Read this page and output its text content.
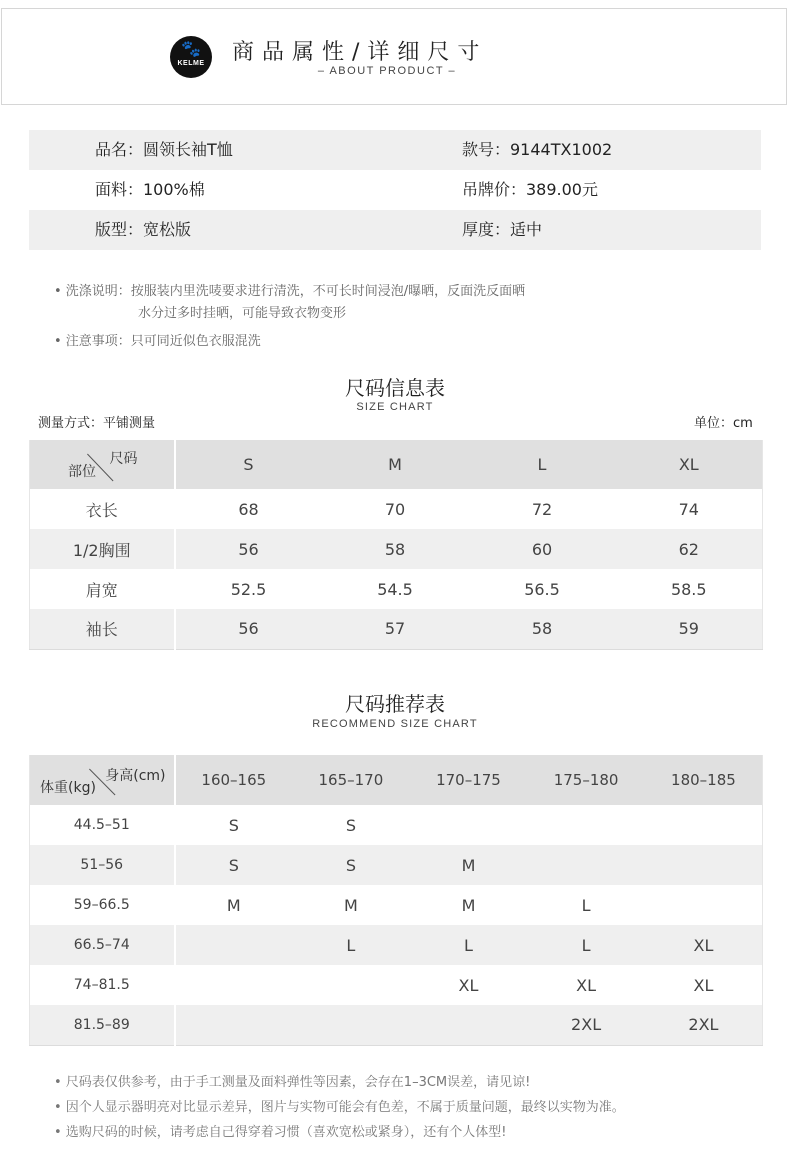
🐾
KELME	商品属性/详细尺寸
– ABOUT PRODUCT –
品名：圆领长袖T恤	款号：9144TX1002
面料：100%棉	吊牌价：389.00元
版型：宽松版	厚度：适中
• 洗涤说明：按服装内里洗唛要求进行清洗，不可长时间浸泡/曝晒，反面洗反面晒
水分过多时挂晒，可能导致衣物变形
• 注意事项：只可同近似色衣服混洗
尺码信息表
SIZE CHART
测量方式：平铺测量	单位：cm
尺码
部位	S	M	L	XL
衣长	68	70	72	74
1/2胸围	56	58	60	62
肩宽	52.5	54.5	56.5	58.5
袖长	56	57	58	59
尺码推荐表
RECOMMEND SIZE CHART
身高(cm)
体重(kg)	160–165	165–170	170–175	175–180	180–185
44.5–51	S	S			
51–56	S	S	M		
59–66.5	M	M	M	L	
66.5–74		L	L	L	XL
74–81.5			XL	XL	XL
81.5–89				2XL	2XL
• 尺码表仅供参考，由于手工测量及面料弹性等因素，会存在1–3CM误差，请见谅!
• 因个人显示器明亮对比显示差异，图片与实物可能会有色差，不属于质量问题，最终以实物为准。
• 选购尺码的时候，请考虑自己得穿着习惯（喜欢宽松或紧身），还有个人体型!
